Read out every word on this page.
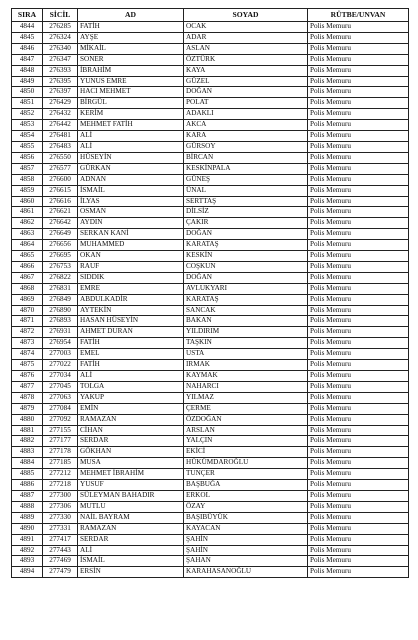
SIRA	SİCİL	AD	SOYAD	RÜTBE/UNVAN
4844	276285	FATİH	OCAK	Polis Memuru
4845	276324	AYŞE	ADAR	Polis Memuru
4846	276340	MİKAİL	ASLAN	Polis Memuru
4847	276347	SONER	ÖZTÜRK	Polis Memuru
4848	276393	İBRAHİM	KAYA	Polis Memuru
4849	276395	YUNUS EMRE	GÜZEL	Polis Memuru
4850	276397	HACI MEHMET	DOĞAN	Polis Memuru
4851	276429	BİRGÜL	POLAT	Polis Memuru
4852	276432	KERİM	ADAKLI	Polis Memuru
4853	276442	MEHMET FATİH	AKCA	Polis Memuru
4854	276481	ALİ	KARA	Polis Memuru
4855	276483	ALİ	GÜRSOY	Polis Memuru
4856	276550	HÜSEYİN	BİRCAN	Polis Memuru
4857	276577	GÜRKAN	KESKİNPALA	Polis Memuru
4858	276600	ADNAN	GÜNEŞ	Polis Memuru
4859	276615	İSMAİL	ÜNAL	Polis Memuru
4860	276616	İLYAS	SERTTAŞ	Polis Memuru
4861	276621	OSMAN	DİLSİZ	Polis Memuru
4862	276642	AYDIN	ÇAKIR	Polis Memuru
4863	276649	SERKAN KANİ	DOĞAN	Polis Memuru
4864	276656	MUHAMMED	KARATAŞ	Polis Memuru
4865	276695	OKAN	KESKİN	Polis Memuru
4866	276753	RAUF	COŞKUN	Polis Memuru
4867	276822	SIDDIK	DOĞAN	Polis Memuru
4868	276831	EMRE	AVLUKYARI	Polis Memuru
4869	276849	ABDULKADİR	KARATAŞ	Polis Memuru
4870	276890	AYTEKİN	SANCAK	Polis Memuru
4871	276893	HASAN HÜSEYİN	BAKAN	Polis Memuru
4872	276931	AHMET DURAN	YILDIRIM	Polis Memuru
4873	276954	FATİH	TAŞKIN	Polis Memuru
4874	277003	EMEL	USTA	Polis Memuru
4875	277022	FATİH	IRMAK	Polis Memuru
4876	277034	ALİ	KAYMAK	Polis Memuru
4877	277045	TOLGA	NAHARCI	Polis Memuru
4878	277063	YAKUP	YILMAZ	Polis Memuru
4879	277084	EMİN	ÇERME	Polis Memuru
4880	277092	RAMAZAN	ÖZDOĞAN	Polis Memuru
4881	277155	CİHAN	ARSLAN	Polis Memuru
4882	277177	SERDAR	YALÇIN	Polis Memuru
4883	277178	GÖKHAN	EKİCİ	Polis Memuru
4884	277185	MUSA	HÜKÜMDAROĞLU	Polis Memuru
4885	277212	MEHMET İBRAHİM	TUNÇER	Polis Memuru
4886	277218	YUSUF	BAŞBUĞA	Polis Memuru
4887	277300	SÜLEYMAN BAHADIR	ERKOL	Polis Memuru
4888	277306	MUTLU	ÖZAY	Polis Memuru
4889	277330	NAİL BAYRAM	BAŞIBÜYÜK	Polis Memuru
4890	277331	RAMAZAN	KAYACAN	Polis Memuru
4891	277417	SERDAR	ŞAHİN	Polis Memuru
4892	277443	ALİ	ŞAHİN	Polis Memuru
4893	277469	İSMAİL	ŞAHAN	Polis Memuru
4894	277479	ERSİN	KARAHASANOĞLU	Polis Memuru
